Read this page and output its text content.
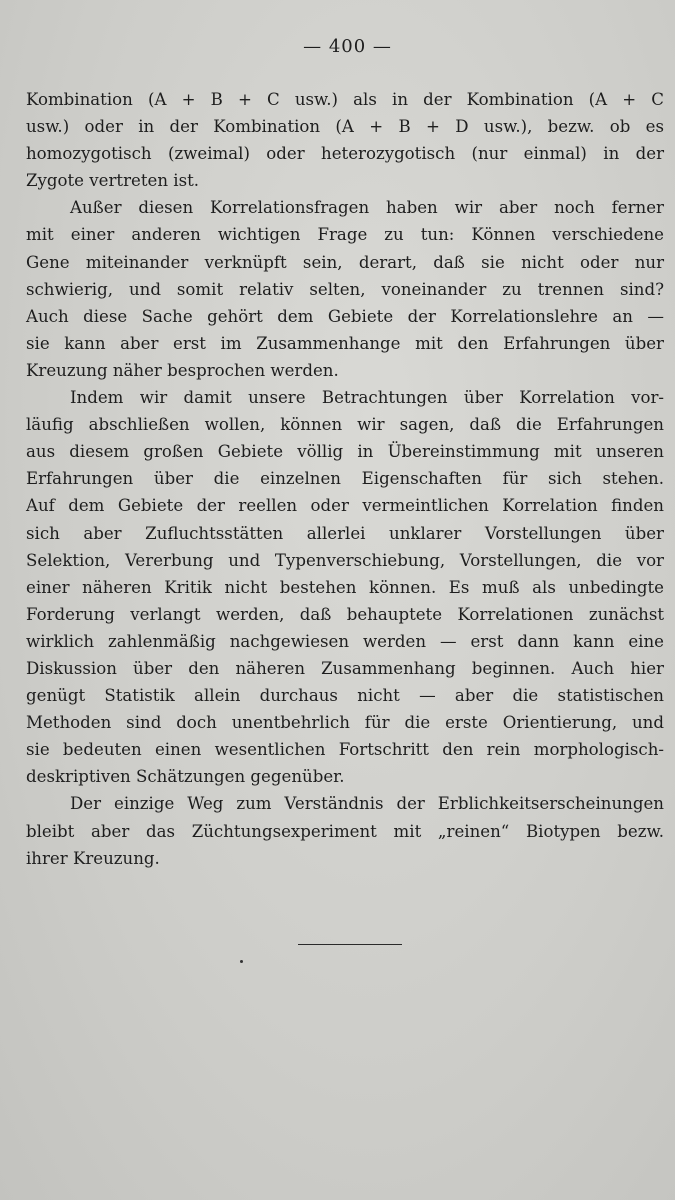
— 400 —

Kombination (A + B + C usw.) als in der Kombination (A + C
usw.) oder in der Kombination (A + B + D usw.), bezw. ob es
homozygotisch (zweimal) oder heterozygotisch (nur einmal) in der
Zygote vertreten ist.

Außer diesen Korrelationsfragen haben wir aber noch ferner
mit einer anderen wichtigen Frage zu tun: Können verschiedene
Gene miteinander verknüpft sein, derart, daß sie nicht oder nur
schwierig, und somit relativ selten, voneinander zu trennen sind?
Auch diese Sache gehört dem Gebiete der Korrelationslehre an —
sie kann aber erst im Zusammenhange mit den Erfahrungen über
Kreuzung näher besprochen werden.

Indem wir damit unsere Betrachtungen über Korrelation vor-
läufig abschließen wollen, können wir sagen, daß die Erfahrungen
aus diesem großen Gebiete völlig in Übereinstimmung mit unseren
Erfahrungen über die einzelnen Eigenschaften für sich stehen.
Auf dem Gebiete der reellen oder vermeintlichen Korrelation finden
sich aber Zufluchtsstätten allerlei unklarer Vorstellungen über
Selektion, Vererbung und Typenverschiebung, Vorstellungen, die vor
einer näheren Kritik nicht bestehen können. Es muß als unbedingte
Forderung verlangt werden, daß behauptete Korrelationen zunächst
wirklich zahlenmäßig nachgewiesen werden — erst dann kann eine
Diskussion über den näheren Zusammenhang beginnen. Auch hier
genügt Statistik allein durchaus nicht — aber die statistischen
Methoden sind doch unentbehrlich für die erste Orientierung, und
sie bedeuten einen wesentlichen Fortschritt den rein morphologisch-
deskriptiven Schätzungen gegenüber.

Der einzige Weg zum Verständnis der Erblichkeitserscheinungen
bleibt aber das Züchtungsexperiment mit „reinen“ Biotypen bezw.
ihrer Kreuzung.
